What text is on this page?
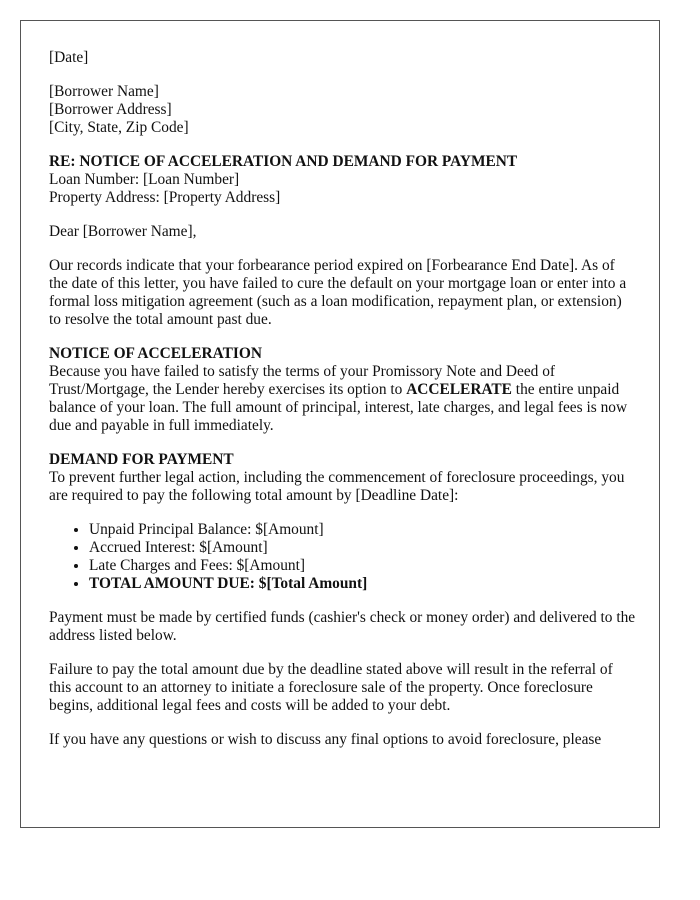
[Date]

[Borrower Name]

[Borrower Address]

[City, State, Zip Code]

RE: NOTICE OF ACCELERATION AND DEMAND FOR PAYMENT

Loan Number: [Loan Number]

Property Address: [Property Address]

Dear [Borrower Name],

Our records indicate that your forbearance period expired on [Forbearance End Date]. As of the date of this letter, you have failed to cure the default on your mortgage loan or enter into a formal loss mitigation agreement (such as a loan modification, repayment plan, or extension) to resolve the total amount past due.

NOTICE OF ACCELERATION

Because you have failed to satisfy the terms of your Promissory Note and Deed of Trust/Mortgage, the Lender hereby exercises its option to ACCELERATE the entire unpaid balance of your loan. The full amount of principal, interest, late charges, and legal fees is now due and payable in full immediately.

DEMAND FOR PAYMENT

To prevent further legal action, including the commencement of foreclosure proceedings, you are required to pay the following total amount by [Deadline Date]:

• Unpaid Principal Balance: $[Amount]
• Accrued Interest: $[Amount]
• Late Charges and Fees: $[Amount]
• TOTAL AMOUNT DUE: $[Total Amount]

Payment must be made by certified funds (cashier's check or money order) and delivered to the address listed below.

Failure to pay the total amount due by the deadline stated above will result in the referral of this account to an attorney to initiate a foreclosure sale of the property. Once foreclosure begins, additional legal fees and costs will be added to your debt.

If you have any questions or wish to discuss any final options to avoid foreclosure, please
